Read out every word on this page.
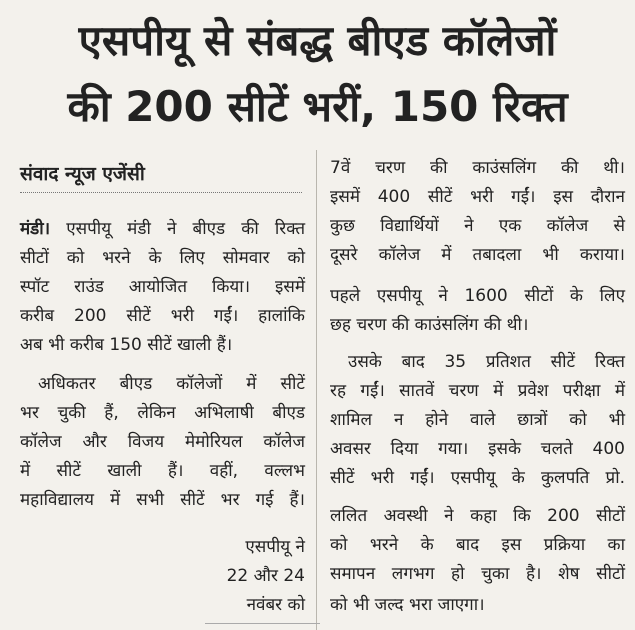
एसपीयू से संबद्ध बीएड कॉलेजों
की 200 सीटें भरीं, 150 रिक्त
संवाद न्यूज एजेंसी
मंडी। एसपीयू मंडी ने बीएड की रिक्त
सीटों को भरने के लिए सोमवार को
स्पॉट राउंड आयोजित किया। इसमें
करीब 200 सीटें भरी गईं। हालांकि
अब भी करीब 150 सीटें खाली हैं।
अधिकतर बीएड कॉलेजों में सीटें
भर चुकी हैं, लेकिन अभिलाषी बीएड
कॉलेज और विजय मेमोरियल कॉलेज
में सीटें खाली हैं। वहीं, वल्लभ
महाविद्यालय में सभी सीटें भर गई हैं।
एसपीयू ने
22 और 24
नवंबर को
7वें चरण की काउंसलिंग की थी।
इसमें 400 सीटें भरी गईं। इस दौरान
कुछ विद्यार्थियों ने एक कॉलेज से
दूसरे कॉलेज में तबादला भी कराया।
पहले एसपीयू ने 1600 सीटों के लिए
छह चरण की काउंसलिंग की थी।
उसके बाद 35 प्रतिशत सीटें रिक्त
रह गईं। सातवें चरण में प्रवेश परीक्षा में
शामिल न होने वाले छात्रों को भी
अवसर दिया गया। इसके चलते 400
सीटें भरी गईं। एसपीयू के कुलपति प्रो.
ललित अवस्थी ने कहा कि 200 सीटों
को भरने के बाद इस प्रक्रिया का
समापन लगभग हो चुका है। शेष सीटों
को भी जल्द भरा जाएगा।
